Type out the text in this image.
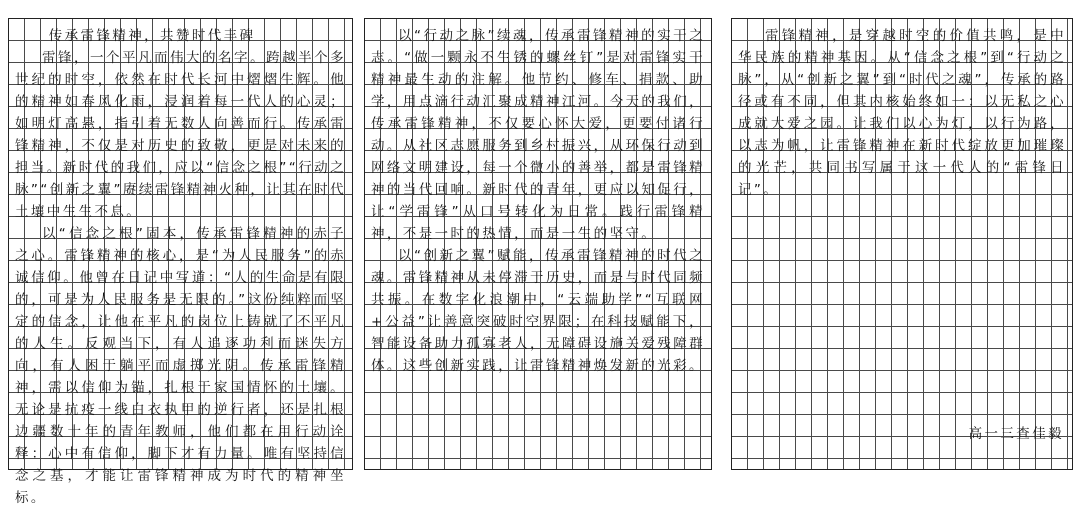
传承雷锋精神，共赞时代丰碑

雷锋，一个平凡而伟大的名字。跨越半个多世纪的时空，依然在时代长河中熠熠生辉。他的精神如春风化雨，浸润着每一代人的心灵；如明灯高悬，指引着无数人向善而行。传承雷锋精神，不仅是对历史的致敬，更是对未来的担当。新时代的我们，应以“信念之根”“行动之脉”“创新之翼”赓续雷锋精神火种，让其在时代土壤中生生不息。

以“信念之根”固本，传承雷锋精神的赤子之心。雷锋精神的核心，是“为人民服务”的赤诚信仰。他曾在日记中写道：“人的生命是有限的，可是为人民服务是无限的。”这份纯粹而坚定的信念，让他在平凡的岗位上铸就了不平凡的人生。反观当下，有人追逐功利而迷失方向，有人困于躺平而虚掷光阴。传承雷锋精神，需以信仰为锚，扎根于家国情怀的土壤。无论是抗疫一线白衣执甲的逆行者，还是扎根边疆数十年的青年教师，他们都在用行动诠释：心中有信仰，脚下才有力量。唯有坚持信念之基，才能让雷锋精神成为时代的精神坐标。

以“行动之脉”续魂，传承雷锋精神的实干之志。“做一颗永不生锈的螺丝钉”是对雷锋实干精神最生动的注解。他节约、修车、捐款、助学，用点滴行动汇聚成精神江河。今天的我们，传承雷锋精神，不仅要心怀大爱，更要付诸行动。从社区志愿服务到乡村振兴，从环保行动到网络文明建设，每一个微小的善举，都是雷锋精神的当代回响。新时代的青年，更应以知促行，让“学雷锋”从口号转化为日常。践行雷锋精神，不是一时的热情，而是一生的坚守。

以“创新之翼”赋能，传承雷锋精神的时代之魂。雷锋精神从未停滞于历史，而是与时代同频共振。在数字化浪潮中，“云端助学”“互联网+公益”让善意突破时空界限；在科技赋能下，智能设备助力孤寡老人，无障碍设施关爱残障群体。这些创新实践，让雷锋精神焕发新的光彩。

雷锋精神，是穿越时空的价值共鸣，是中华民族的精神基因。从“信念之根”到“行动之脉”，从“创新之翼”到“时代之魂”，传承的路径或有不同，但其内核始终如一：以无私之心成就大爱之园。让我们以心为灯，以行为路，以志为帆，让雷锋精神在新时代绽放更加璀璨的光芒，共同书写属于这一代人的“雷锋日记”。

高一三查佳毅
